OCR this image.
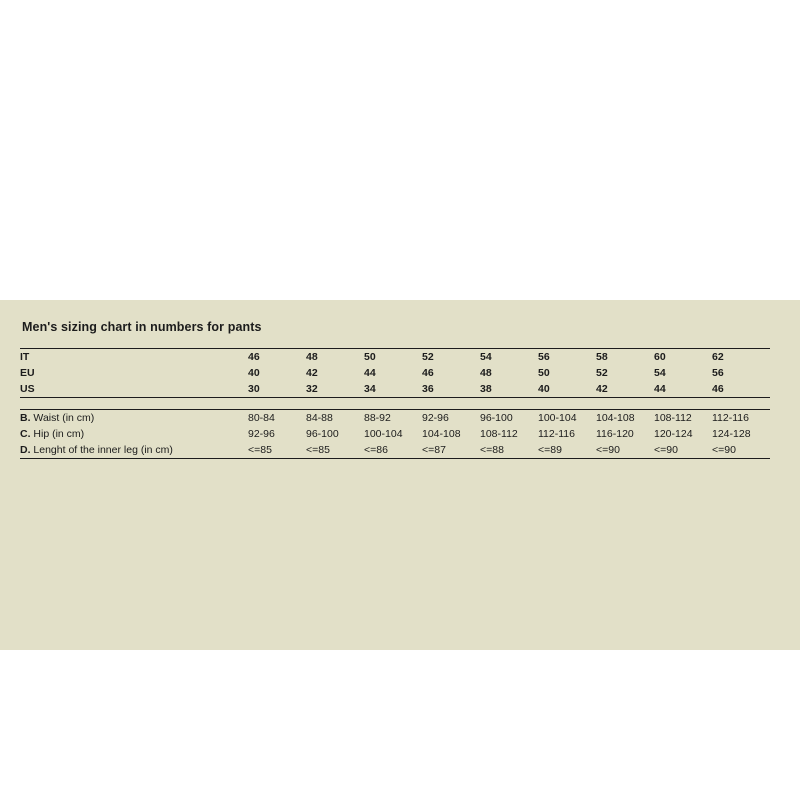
Men's sizing chart in numbers for pants
IT	46	48	50	52	54	56	58	60	62
EU	40	42	44	46	48	50	52	54	56
US	30	32	34	36	38	40	42	44	46

B. Waist (in cm)	80-84	84-88	88-92	92-96	96-100	100-104	104-108	108-112	112-116
C. Hip (in cm)	92-96	96-100	100-104	104-108	108-112	112-116	116-120	120-124	124-128
D. Lenght of the inner leg (in cm)	<=85	<=85	<=86	<=87	<=88	<=89	<=90	<=90	<=90
